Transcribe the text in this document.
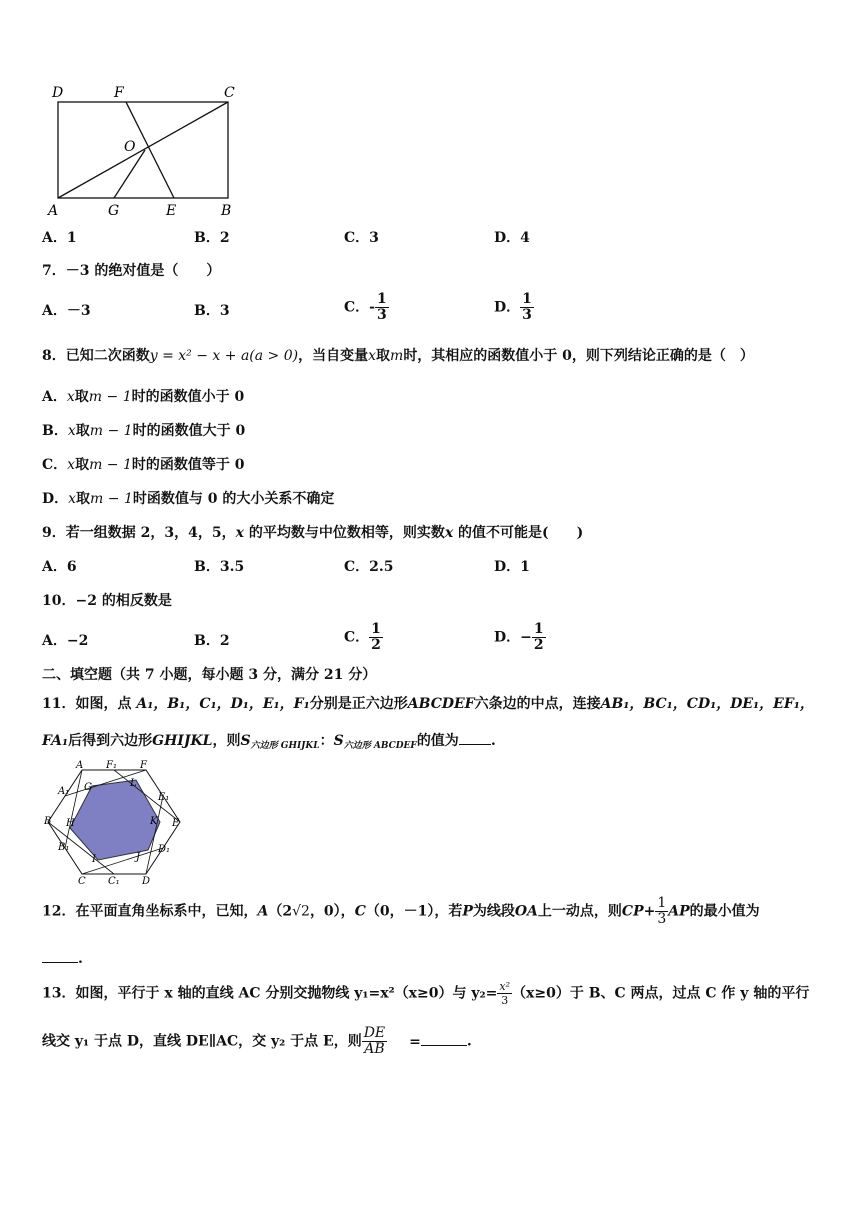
D	F	C
O
A	G	E	B
A．1	B．2	C．3	D．4
7．－3 的绝对值是（　　）
A．－3	B．3	C．- $\frac{1}{3}$	D． $\frac{1}{3}$
8．已知二次函数y = x² − x + a(a > 0)，当自变量x取m时，其相应的函数值小于 0，则下列结论正确的是（　）
A．x取m − 1时的函数值小于 0
B．x取m − 1时的函数值大于 0
C．x取m − 1时的函数值等于 0
D．x取m − 1时函数值与 0 的大小关系不确定
9．若一组数据 2，3，4，5，x 的平均数与中位数相等，则实数x 的值不可能是(　　)
A．6	B．3.5	C．2.5	D．1
10．−2 的相反数是
A．−2	B．2	C． $\frac{1}{2}$	D．− $\frac{1}{2}$
二、填空题（共 7 小题，每小题 3 分，满分 21 分）
11．如图，点 A₁，B₁，C₁，D₁，E₁，F₁分别是正六边形ABCDEF六条边的中点，连接AB₁，BC₁，CD₁，DE₁，EF₁，
FA₁后得到六边形GHIJKL，则$S_{六边形 GHIJKL}$：$S_{六边形 ABCDEF}$的值为 .
A F₁ F
A₁ G	L
E₁
B H	K E
B₁	D₁
I	J
C C₁ D
12．在平面直角坐标系中，已知，A（2√2，0），C（0，－1），若P为线段OA上一动点，则$CP+ \frac{1}{3}$ AP的最小值为
.
13．如图，平行于 x 轴的直线 AC 分别交抛物线 y₁=x²（x≥0）与 $y_2= \frac{\text{x²}}{3} (x\ge 0)$于 B、C 两点，过点 C 作 y 轴的平行
线交 y₁ 于点 D，直线 DE∥AC，交 y₂ 于点 E，则 $\frac{DE}{AB}$ =	.
